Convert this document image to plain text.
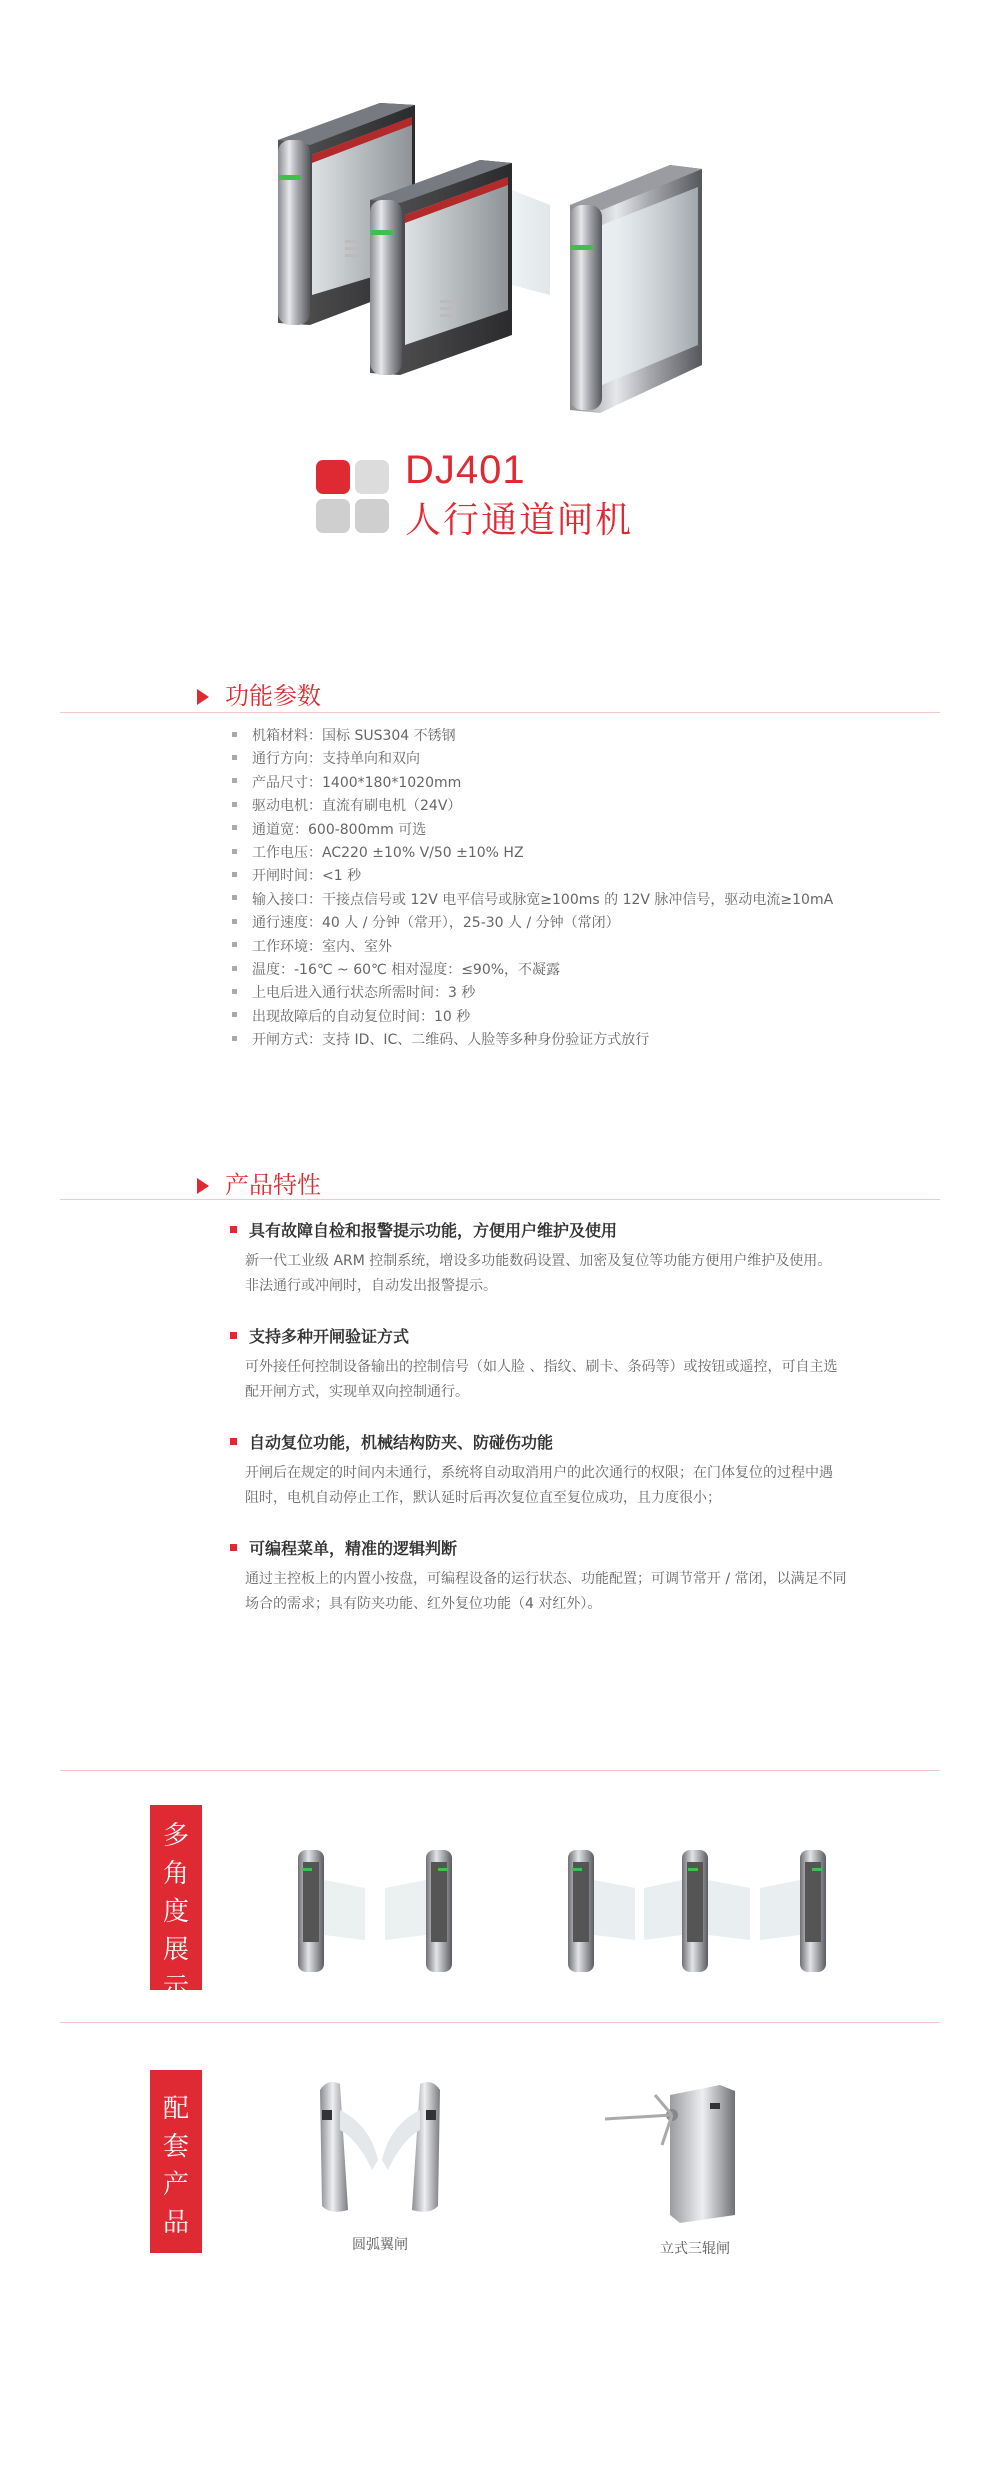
DJ401
人行通道闸机
功能参数
机箱材料：国标 SUS304 不锈钢
通行方向：支持单向和双向
产品尺寸：1400*180*1020mm
驱动电机：直流有刷电机（24V）
通道宽：600-800mm 可选
工作电压：AC220 ±10% V/50 ±10% HZ
开闸时间：<1 秒
输入接口：干接点信号或 12V 电平信号或脉宽≥100ms 的 12V 脉冲信号，驱动电流≥10mA
通行速度：40 人 / 分钟（常开），25-30 人 / 分钟（常闭）
工作环境：室内、室外
温度：-16℃ ~ 60℃ 相对湿度：≤90%，不凝露
上电后进入通行状态所需时间：3 秒
出现故障后的自动复位时间：10 秒
开闸方式：支持 ID、IC、二维码、人脸等多种身份验证方式放行
产品特性
具有故障自检和报警提示功能，方便用户维护及使用
新一代工业级 ARM 控制系统，增设多功能数码设置、加密及复位等功能方便用户维护及使用。
非法通行或冲闸时，自动发出报警提示。
支持多种开闸验证方式
可外接任何控制设备输出的控制信号（如人脸 、指纹、刷卡、条码等）或按钮或遥控，可自主选
配开闸方式，实现单双向控制通行。
自动复位功能，机械结构防夹、防碰伤功能
开闸后在规定的时间内未通行，系统将自动取消用户的此次通行的权限；在门体复位的过程中遇
阻时，电机自动停止工作，默认延时后再次复位直至复位成功，且力度很小；
可编程菜单，精准的逻辑判断
通过主控板上的内置小按盘，可编程设备的运行状态、功能配置；可调节常开 / 常闭，以满足不同
场合的需求；具有防夹功能、红外复位功能（4 对红外）。
多
角
度
展
示
配
套
产
品
圆弧翼闸	立式三辊闸
